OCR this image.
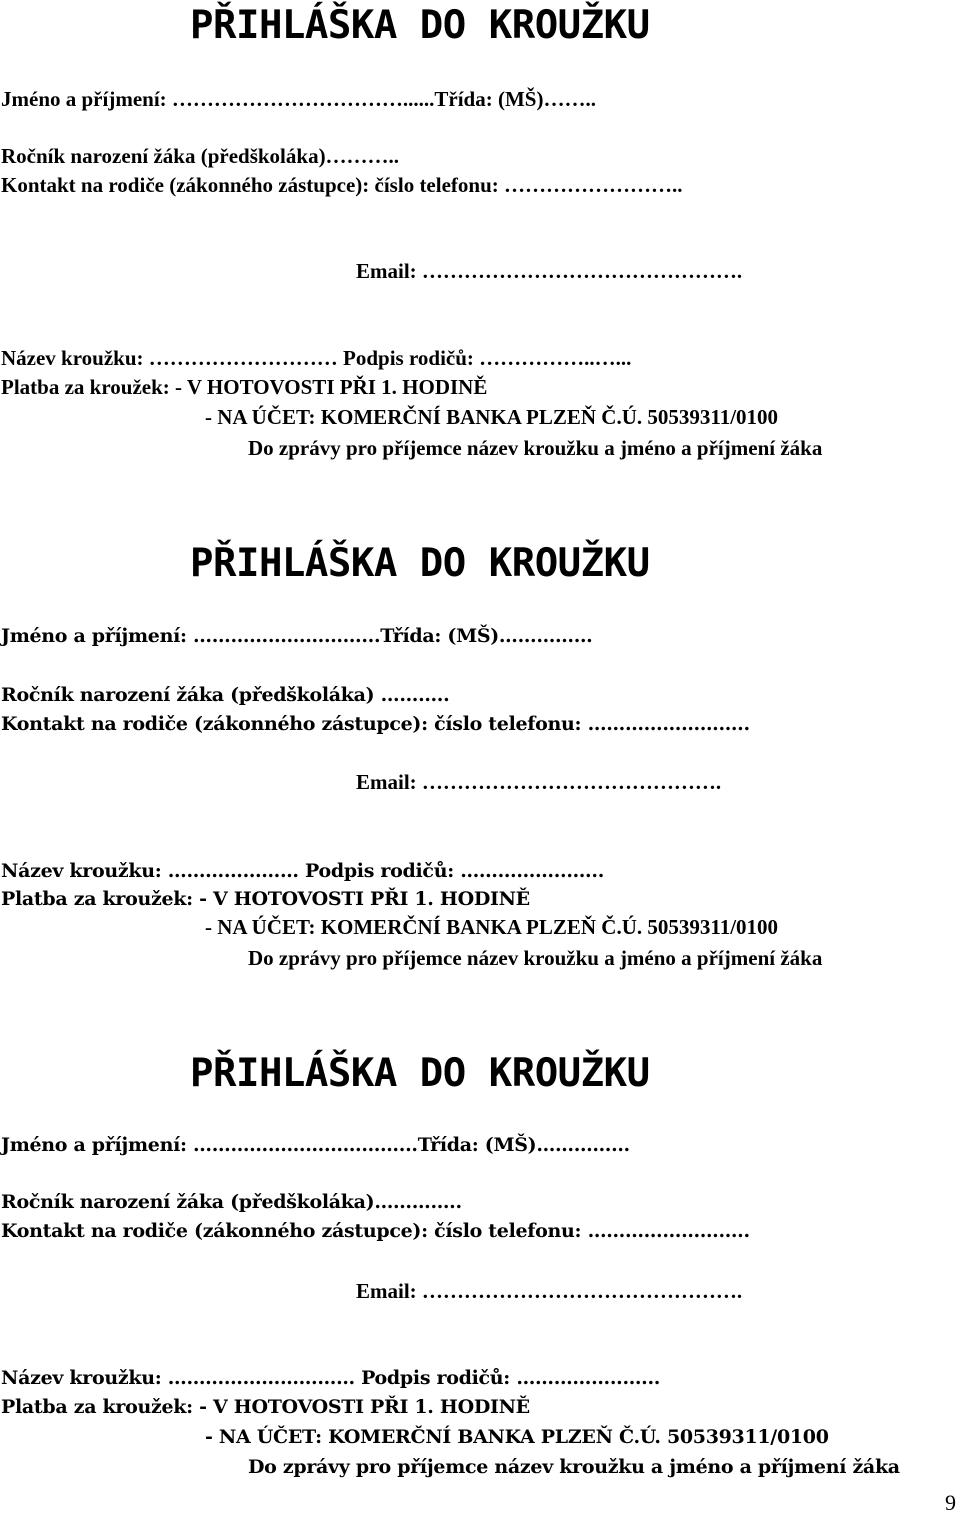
PŘIHLÁŠKA DO KROUŽKU
Jméno a příjmení: ……………………………......Třída: (MŠ)……..
Ročník narození žáka (předškoláka)………..
Kontakt na rodiče (zákonného zástupce): číslo telefonu: ……………………..
Email: ……………………………………….
Název kroužku: ……………………… Podpis rodičů: ……………..…...
Platba za kroužek: - V HOTOVOSTI PŘI 1. HODINĚ
- NA ÚČET: KOMERČNÍ BANKA PLZEŇ Č.Ú. 50539311/0100
Do zprávy pro příjemce název kroužku a jméno a příjmení žáka
PŘIHLÁŠKA DO KROUŽKU
Jméno a příjmení: ………………………...Třída: (MŠ)……………
Ročník narození žáka (předškoláka) ………..
Kontakt na rodiče (zákonného zástupce): číslo telefonu: ……………………..
Email: …………………………………….
Název kroužku: ………………… Podpis rodičů: ……………..…...
Platba za kroužek: - V HOTOVOSTI PŘI 1. HODINĚ
- NA ÚČET: KOMERČNÍ BANKA PLZEŇ Č.Ú. 50539311/0100
Do zprávy pro příjemce název kroužku a jméno a příjmení žáka
PŘIHLÁŠKA DO KROUŽKU
Jméno a příjmení: ……………………………...Třída: (MŠ)……………
Ročník narození žáka (předškoláka)…………..
Kontakt na rodiče (zákonného zástupce): číslo telefonu: ……………………..
Email: ……………………………………….
Název kroužku: ………………………… Podpis rodičů: ……………..…...
Platba za kroužek: - V HOTOVOSTI PŘI 1. HODINĚ
- NA ÚČET: KOMERČNÍ BANKA PLZEŇ Č.Ú. 50539311/0100
Do zprávy pro příjemce název kroužku a jméno a příjmení žáka
9
